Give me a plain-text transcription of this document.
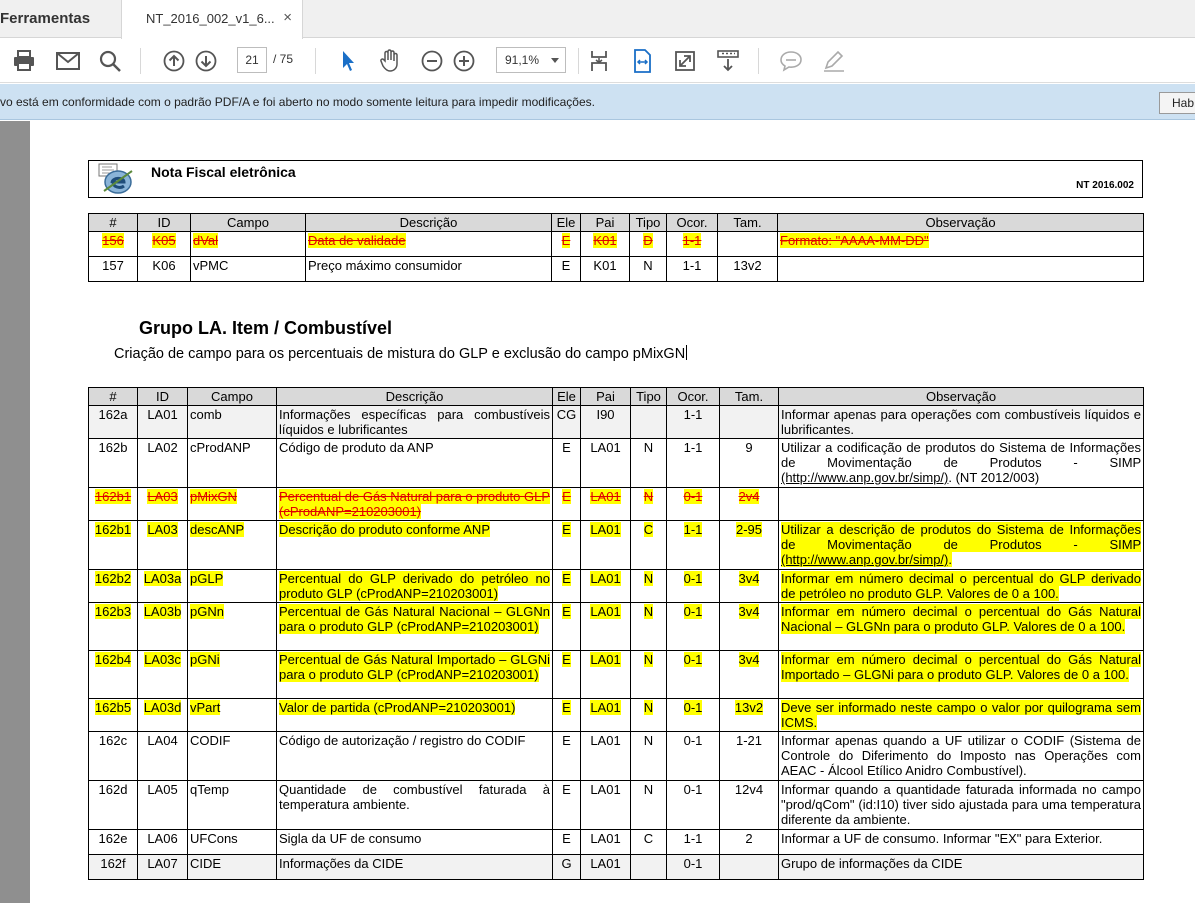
Ferramentas	NT_2016_002_v1_6... ×
21	/ 75	91,1%
vo está em conformidade com o padrão PDF/A e foi aberto no modo somente leitura para impedir modificações.	Hab
Nota Fiscal eletrônica
NT 2016.002
#	ID	Campo	Descrição	Ele	Pai	Tipo	Ocor.	Tam.	Observação
156	K05	dVal	Data de validade	E	K01	D	1-1		Formato: "AAAA-MM-DD"
157	K06	vPMC	Preço máximo consumidor	E	K01	N	1-1	13v2	
Grupo LA. Item / Combustível
Criação de campo para os percentuais de mistura do GLP e exclusão do campo pMixGN
#	ID	Campo	Descrição	Ele	Pai	Tipo	Ocor.	Tam.	Observação
162a	LA01	comb	Informações específicas para combustíveis líquidos e lubrificantes	CG	I90		1-1		Informar apenas para operações com combustíveis líquidos e lubrificantes.
162b	LA02	cProdANP	Código de produto da ANP	E	LA01	N	1-1	9	Utilizar a codificação de produtos do Sistema de Informações de Movimentação de Produtos - SIMP (http://www.anp.gov.br/simp/). (NT 2012/003)
162b1	LA03	pMixGN	Percentual de Gás Natural para o produto GLP (cProdANP=210203001)	E	LA01	N	0-1	2v4	
162b1	LA03	descANP	Descrição do produto conforme ANP	E	LA01	C	1-1	2-95	Utilizar a descrição de produtos do Sistema de Informações de Movimentação de Produtos - SIMP (http://www.anp.gov.br/simp/).
162b2	LA03a	pGLP	Percentual do GLP derivado do petróleo no produto GLP (cProdANP=210203001)	E	LA01	N	0-1	3v4	Informar em número decimal o percentual do GLP derivado de petróleo no produto GLP. Valores de 0 a 100.
162b3	LA03b	pGNn	Percentual de Gás Natural Nacional – GLGNn para o produto GLP (cProdANP=210203001)	E	LA01	N	0-1	3v4	Informar em número decimal o percentual do Gás Natural Nacional – GLGNn para o produto GLP. Valores de 0 a 100.
162b4	LA03c	pGNi	Percentual de Gás Natural Importado – GLGNi para o produto GLP (cProdANP=210203001)	E	LA01	N	0-1	3v4	Informar em número decimal o percentual do Gás Natural Importado – GLGNi para o produto GLP. Valores de 0 a 100.
162b5	LA03d	vPart	Valor de partida (cProdANP=210203001)	E	LA01	N	0-1	13v2	Deve ser informado neste campo o valor por quilograma sem ICMS.
162c	LA04	CODIF	Código de autorização / registro do CODIF	E	LA01	N	0-1	1-21	Informar apenas quando a UF utilizar o CODIF (Sistema de Controle do Diferimento do Imposto nas Operações com AEAC - Álcool Etílico Anidro Combustível).
162d	LA05	qTemp	Quantidade de combustível faturada à temperatura ambiente.	E	LA01	N	0-1	12v4	Informar quando a quantidade faturada informada no campo "prod/qCom" (id:I10) tiver sido ajustada para uma temperatura diferente da ambiente.
162e	LA06	UFCons	Sigla da UF de consumo	E	LA01	C	1-1	2	Informar a UF de consumo. Informar "EX" para Exterior.
162f	LA07	CIDE	Informações da CIDE	G	LA01		0-1		Grupo de informações da CIDE
